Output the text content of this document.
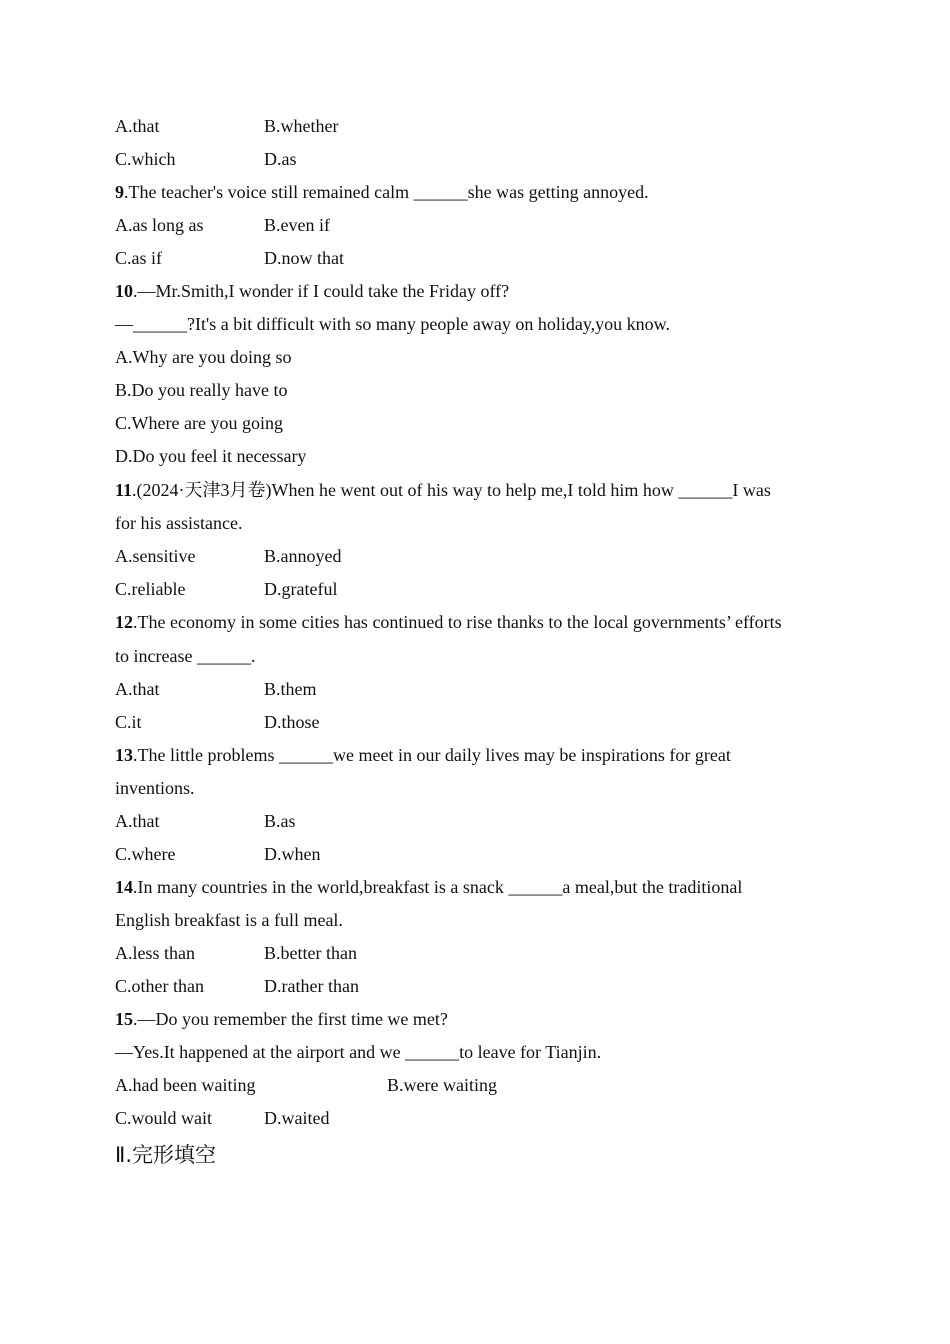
A.that	B.whether
C.which	D.as
9.The teacher's voice still remained calm ______she was getting annoyed.
A.as long as	B.even if
C.as if	D.now that
10.—Mr.Smith,I wonder if I could take the Friday off?
—______?It's a bit difficult with so many people away on holiday,you know.
A.Why are you doing so
B.Do you really have to
C.Where are you going
D.Do you feel it necessary
11.(2024·天津3月卷)When he went out of his way to help me,I told him how ______I was
for his assistance.
A.sensitive	B.annoyed
C.reliable	D.grateful
12.The economy in some cities has continued to rise thanks to the local governments’ efforts
to increase ______.
A.that	B.them
C.it	D.those
13.The little problems ______we meet in our daily lives may be inspirations for great
inventions.
A.that	B.as
C.where	D.when
14.In many countries in the world,breakfast is a snack ______a meal,but the traditional
English breakfast is a full meal.
A.less than	B.better than
C.other than	D.rather than
15.—Do you remember the first time we met?
—Yes.It happened at the airport and we ______to leave for Tianjin.
A.had been waiting	B.were waiting
C.would wait	D.waited
Ⅱ.完形填空
